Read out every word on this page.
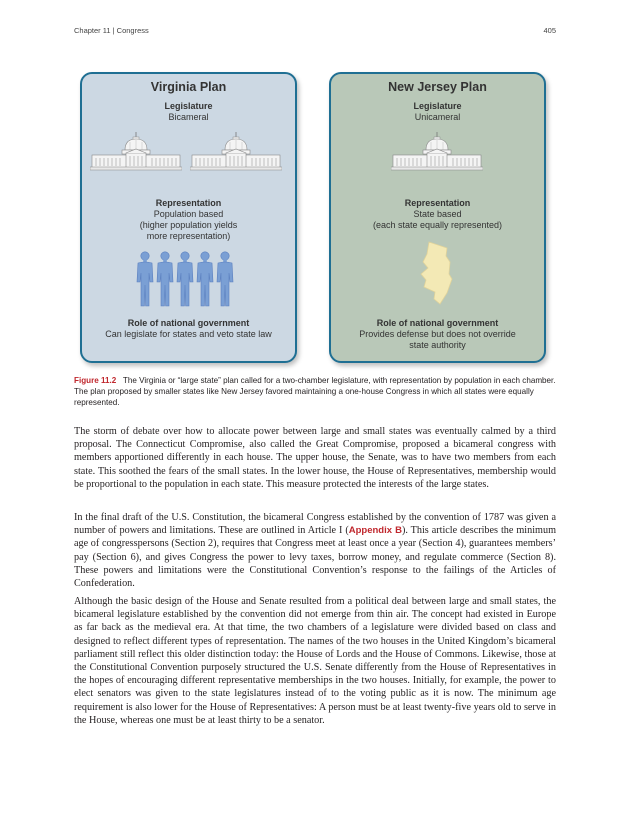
Chapter 11 | Congress	405
Virginia Plan
Legislature
Bicameral
Representation
Population based
(higher population yields
more representation)
Role of national government
Can legislate for states and veto state law
New Jersey Plan
Legislature
Unicameral
Representation
State based
(each state equally represented)
Role of national government
Provides defense but does not override
state authority
Figure 11.2 The Virginia or “large state” plan called for a two-chamber legislature, with representation by population in each chamber. The plan proposed by smaller states like New Jersey favored maintaining a one-house Congress in which all states were equally represented.

The storm of debate over how to allocate power between large and small states was eventually calmed by a third proposal. The Connecticut Compromise, also called the Great Compromise, proposed a bicameral congress with members apportioned differently in each house. The upper house, the Senate, was to have two members from each state. This soothed the fears of the small states. In the lower house, the House of Representatives, membership would be proportional to the population in each state. This measure protected the interests of the large states.

In the final draft of the U.S. Constitution, the bicameral Congress established by the convention of 1787 was given a number of powers and limitations. These are outlined in Article I (Appendix B). This article describes the minimum age of congresspersons (Section 2), requires that Congress meet at least once a year (Section 4), guarantees members’ pay (Section 6), and gives Congress the power to levy taxes, borrow money, and regulate commerce (Section 8). These powers and limitations were the Constitutional Convention’s response to the failings of the Articles of Confederation.

Although the basic design of the House and Senate resulted from a political deal between large and small states, the bicameral legislature established by the convention did not emerge from thin air. The concept had existed in Europe as far back as the medieval era. At that time, the two chambers of a legislature were divided based on class and designed to reflect different types of representation. The names of the two houses in the United Kingdom’s bicameral parliament still reflect this older distinction today: the House of Lords and the House of Commons. Likewise, those at the Constitutional Convention purposely structured the U.S. Senate differently from the House of Representatives in the hopes of encouraging different representative memberships in the two houses. Initially, for example, the power to elect senators was given to the state legislatures instead of to the voting public as it is now. The minimum age requirement is also lower for the House of Representatives: A person must be at least twenty-five years old to serve in the House, whereas one must be at least thirty to be a senator.
